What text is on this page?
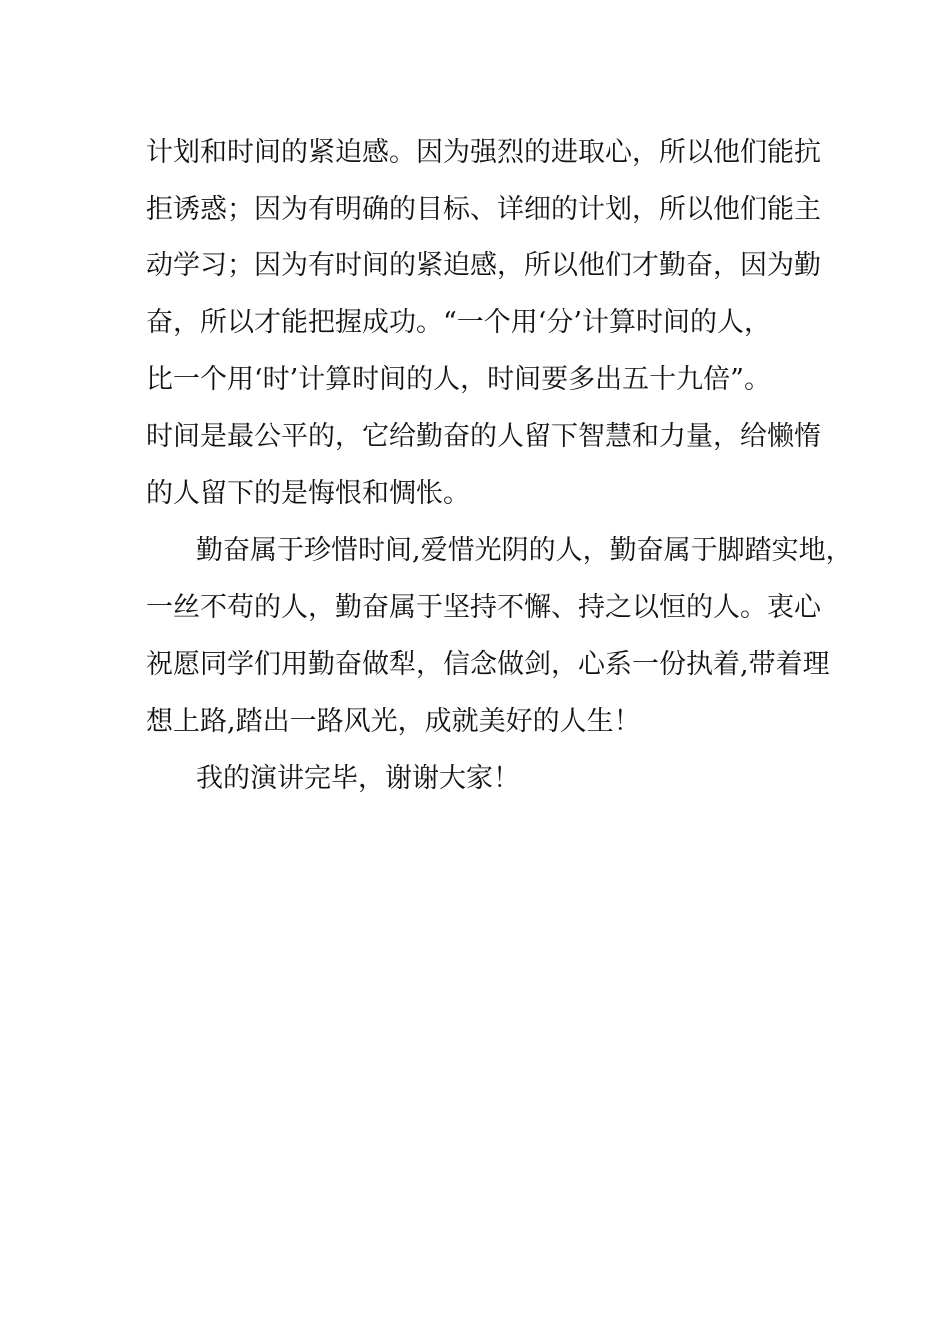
计划和时间的紧迫感。因为强烈的进取心，所以他们能抗
拒诱惑；因为有明确的目标、详细的计划，所以他们能主
动学习；因为有时间的紧迫感，所以他们才勤奋，因为勤
奋，所以才能把握成功。“一个用‘分’计算时间的人，
比一个用‘时’计算时间的人，时间要多出五十九倍”。
时间是最公平的，它给勤奋的人留下智慧和力量，给懒惰
的人留下的是悔恨和惆怅。
勤奋属于珍惜时间,爱惜光阴的人，勤奋属于脚踏实地，
一丝不苟的人，勤奋属于坚持不懈、持之以恒的人。衷心
祝愿同学们用勤奋做犁，信念做剑，心系一份执着,带着理
想上路,踏出一路风光，成就美好的人生！
我的演讲完毕，谢谢大家！
